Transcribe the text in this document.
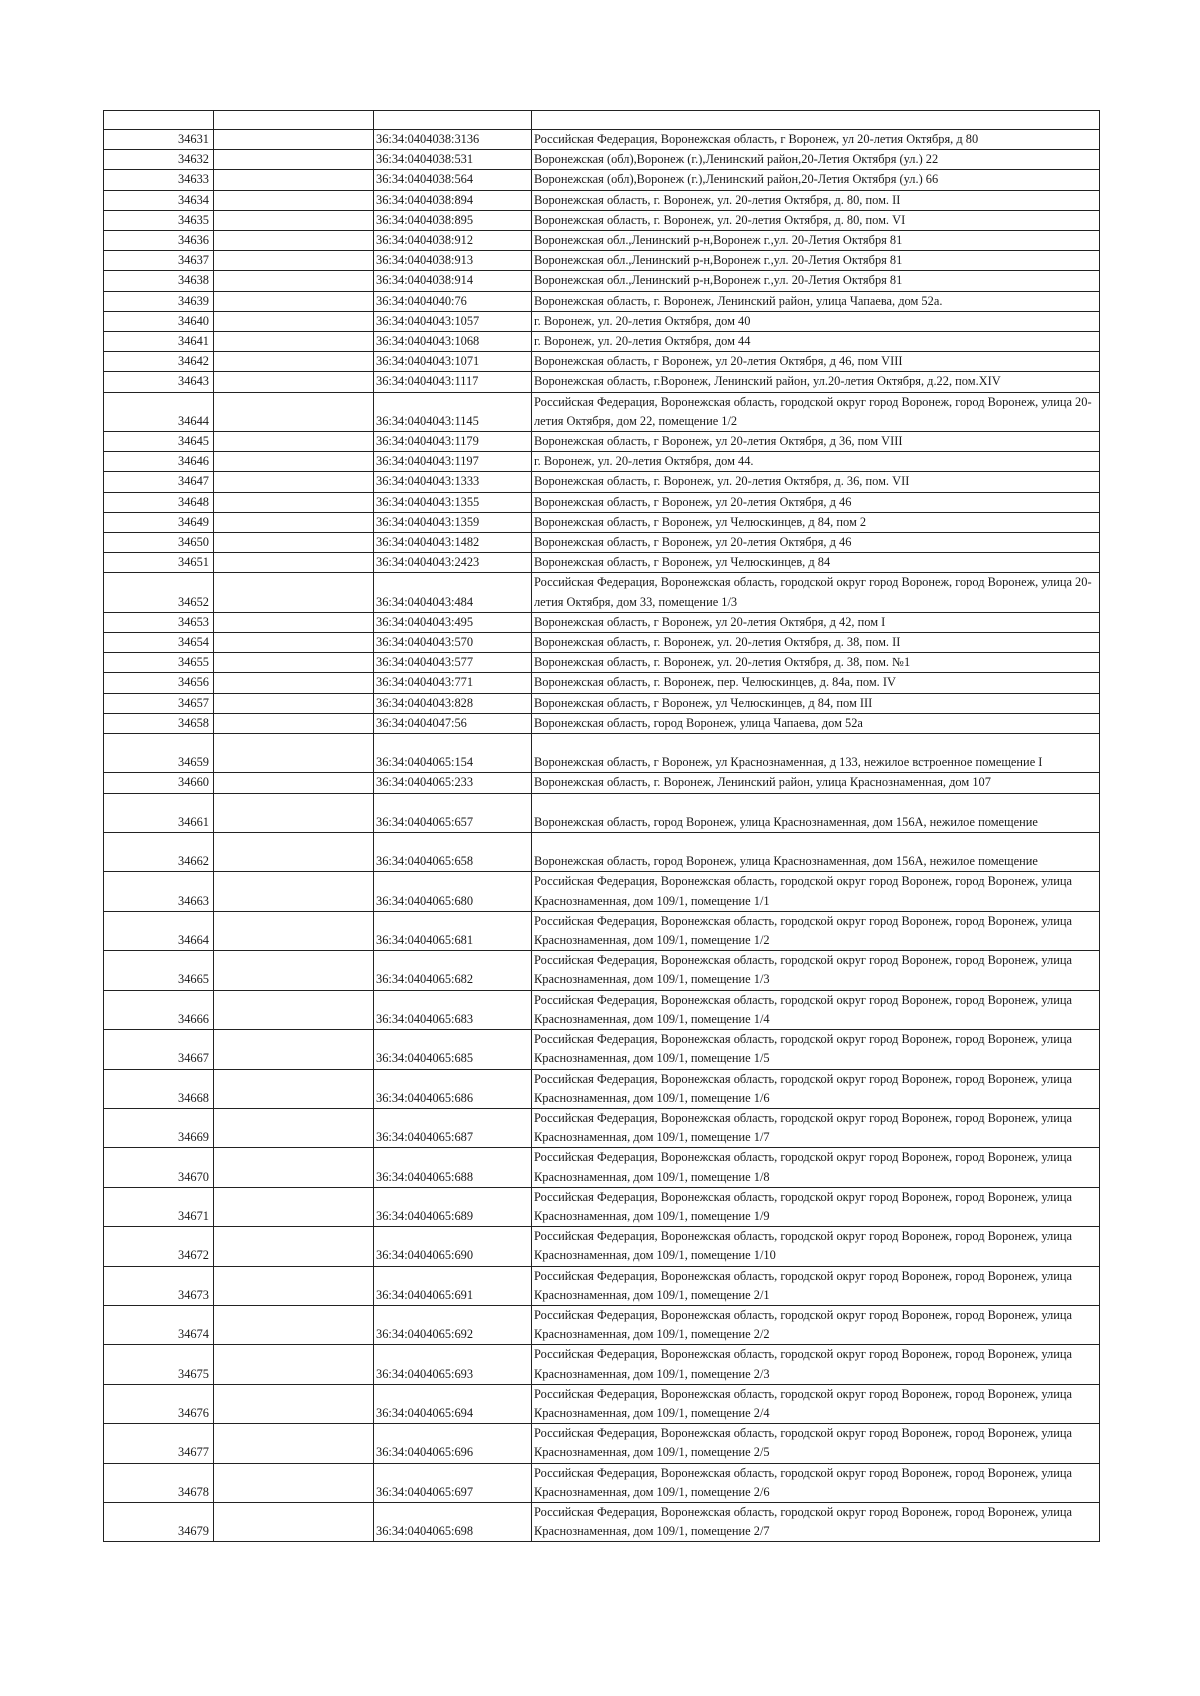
34631		36:34:0404038:3136	Российская Федерация, Воронежская область, г Воронеж, ул 20-летия Октября, д 80
34632		36:34:0404038:531	Воронежская (обл),Воронеж (г.),Ленинский район,20-Летия Октября (ул.) 22
34633		36:34:0404038:564	Воронежская (обл),Воронеж (г.),Ленинский район,20-Летия Октября (ул.) 66
34634		36:34:0404038:894	Воронежская область, г. Воронеж, ул. 20-летия Октября, д. 80, пом. II
34635		36:34:0404038:895	Воронежская область, г. Воронеж, ул. 20-летия Октября, д. 80, пом. VI
34636		36:34:0404038:912	Воронежская обл.,Ленинский р-н,Воронеж г.,ул. 20-Летия Октября 81
34637		36:34:0404038:913	Воронежская обл.,Ленинский р-н,Воронеж г.,ул. 20-Летия Октября 81
34638		36:34:0404038:914	Воронежская обл.,Ленинский р-н,Воронеж г.,ул. 20-Летия Октября 81
34639		36:34:0404040:76	Воронежская область, г. Воронеж, Ленинский район, улица Чапаева, дом 52а.
34640		36:34:0404043:1057	г. Воронеж, ул. 20-летия Октября, дом 40
34641		36:34:0404043:1068	г. Воронеж, ул. 20-летия Октября, дом 44
34642		36:34:0404043:1071	Воронежская область, г Воронеж, ул 20-летия Октября, д 46, пом VIII
34643		36:34:0404043:1117	Воронежская область, г.Воронеж, Ленинский район, ул.20-летия Октября, д.22, пом.XIV
34644		36:34:0404043:1145	Российская Федерация, Воронежская область, городской округ город Воронеж, город Воронеж, улица 20-летия Октября, дом 22, помещение 1/2
34645		36:34:0404043:1179	Воронежская область, г Воронеж, ул 20-летия Октября, д 36, пом VIII
34646		36:34:0404043:1197	г. Воронеж, ул. 20-летия Октября, дом 44.
34647		36:34:0404043:1333	Воронежская область, г. Воронеж, ул. 20-летия Октября, д. 36, пом. VII
34648		36:34:0404043:1355	Воронежская область, г Воронеж, ул 20-летия Октября, д 46
34649		36:34:0404043:1359	Воронежская область, г Воронеж, ул Челюскинцев, д 84, пом 2
34650		36:34:0404043:1482	Воронежская область, г Воронеж, ул 20-летия Октября, д 46
34651		36:34:0404043:2423	Воронежская область, г Воронеж, ул Челюскинцев, д 84
34652		36:34:0404043:484	Российская Федерация, Воронежская область, городской округ город Воронеж, город Воронеж, улица 20-летия Октября, дом 33, помещение 1/3
34653		36:34:0404043:495	Воронежская область, г Воронеж, ул 20-летия Октября, д 42, пом I
34654		36:34:0404043:570	Воронежская область, г. Воронеж, ул. 20-летия Октября, д. 38, пом. II
34655		36:34:0404043:577	Воронежская область, г. Воронеж, ул. 20-летия Октября, д. 38, пом. №1
34656		36:34:0404043:771	Воронежская область, г. Воронеж, пер. Челюскинцев, д. 84а, пом. IV
34657		36:34:0404043:828	Воронежская область, г Воронеж, ул Челюскинцев, д 84, пом III
34658		36:34:0404047:56	Воронежская область, город Воронеж, улица Чапаева, дом 52а
34659		36:34:0404065:154	Воронежская область, г Воронеж, ул Краснознаменная, д 133, нежилое встроенное помещение I
34660		36:34:0404065:233	Воронежская область, г. Воронеж, Ленинский район, улица Краснознаменная, дом 107
34661		36:34:0404065:657	Воронежская область, город Воронеж, улица Краснознаменная, дом 156А, нежилое помещение
34662		36:34:0404065:658	Воронежская область, город Воронеж, улица Краснознаменная, дом 156А, нежилое помещение
34663		36:34:0404065:680	Российская Федерация, Воронежская область, городской округ город Воронеж, город Воронеж, улица Краснознаменная, дом 109/1, помещение 1/1
34664		36:34:0404065:681	Российская Федерация, Воронежская область, городской округ город Воронеж, город Воронеж, улица Краснознаменная, дом 109/1, помещение 1/2
34665		36:34:0404065:682	Российская Федерация, Воронежская область, городской округ город Воронеж, город Воронеж, улица Краснознаменная, дом 109/1, помещение 1/3
34666		36:34:0404065:683	Российская Федерация, Воронежская область, городской округ город Воронеж, город Воронеж, улица Краснознаменная, дом 109/1, помещение 1/4
34667		36:34:0404065:685	Российская Федерация, Воронежская область, городской округ город Воронеж, город Воронеж, улица Краснознаменная, дом 109/1, помещение 1/5
34668		36:34:0404065:686	Российская Федерация, Воронежская область, городской округ город Воронеж, город Воронеж, улица Краснознаменная, дом 109/1, помещение 1/6
34669		36:34:0404065:687	Российская Федерация, Воронежская область, городской округ город Воронеж, город Воронеж, улица Краснознаменная, дом 109/1, помещение 1/7
34670		36:34:0404065:688	Российская Федерация, Воронежская область, городской округ город Воронеж, город Воронеж, улица Краснознаменная, дом 109/1, помещение 1/8
34671		36:34:0404065:689	Российская Федерация, Воронежская область, городской округ город Воронеж, город Воронеж, улица Краснознаменная, дом 109/1, помещение 1/9
34672		36:34:0404065:690	Российская Федерация, Воронежская область, городской округ город Воронеж, город Воронеж, улица Краснознаменная, дом 109/1, помещение 1/10
34673		36:34:0404065:691	Российская Федерация, Воронежская область, городской округ город Воронеж, город Воронеж, улица Краснознаменная, дом 109/1, помещение 2/1
34674		36:34:0404065:692	Российская Федерация, Воронежская область, городской округ город Воронеж, город Воронеж, улица Краснознаменная, дом 109/1, помещение 2/2
34675		36:34:0404065:693	Российская Федерация, Воронежская область, городской округ город Воронеж, город Воронеж, улица Краснознаменная, дом 109/1, помещение 2/3
34676		36:34:0404065:694	Российская Федерация, Воронежская область, городской округ город Воронеж, город Воронеж, улица Краснознаменная, дом 109/1, помещение 2/4
34677		36:34:0404065:696	Российская Федерация, Воронежская область, городской округ город Воронеж, город Воронеж, улица Краснознаменная, дом 109/1, помещение 2/5
34678		36:34:0404065:697	Российская Федерация, Воронежская область, городской округ город Воронеж, город Воронеж, улица Краснознаменная, дом 109/1, помещение 2/6
34679		36:34:0404065:698	Российская Федерация, Воронежская область, городской округ город Воронеж, город Воронеж, улица Краснознаменная, дом 109/1, помещение 2/7
